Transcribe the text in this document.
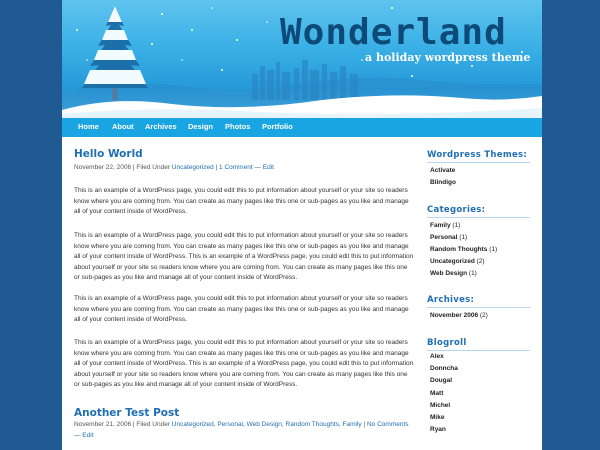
Wonderland
a holiday wordpress theme
Home About Archives Design Photos Portfolio
Hello World
November 22, 2006 | Filed Under Uncategorized | 1 Comment — Edit
This is an example of a WordPress page, you could edit this to put information about yourself or your site so readers know where you are coming from. You can create as many pages like this one or sub-pages as you like and manage all of your content inside of WordPress.
This is an example of a WordPress page, you could edit this to put information about yourself or your site so readers know where you are coming from. You can create as many pages like this one or sub-pages as you like and manage all of your content inside of WordPress. This is an example of a WordPress page, you could edit this to put information about yourself or your site so readers know where you are coming from. You can create as many pages like this one or sub-pages as you like and manage all of your content inside of WordPress.
This is an example of a WordPress page, you could edit this to put information about yourself or your site so readers know where you are coming from. You can create as many pages like this one or sub-pages as you like and manage all of your content inside of WordPress.
This is an example of a WordPress page, you could edit this to put information about yourself or your site so readers know where you are coming from. You can create as many pages like this one or sub-pages as you like and manage all of your content inside of WordPress. This is an example of a WordPress page, you could edit this to put information about yourself or your site so readers know where you are coming from. You can create as many pages like this one or sub-pages as you like and manage all of your content inside of WordPress.
Another Test Post
November 21, 2006 | Filed Under Uncategorized, Personal, Web Design, Random Thoughts, Family | No Comments — Edit
Wordpress Themes:
Activate
Blindigo
Categories:
Family (1)
Personal (1)
Random Thoughts (1)
Uncategorized (2)
Web Design (1)
Archives:
November 2006 (2)
Blogroll
Alex
Donncha
Dougal
Matt
Michel
Mike
Ryan
